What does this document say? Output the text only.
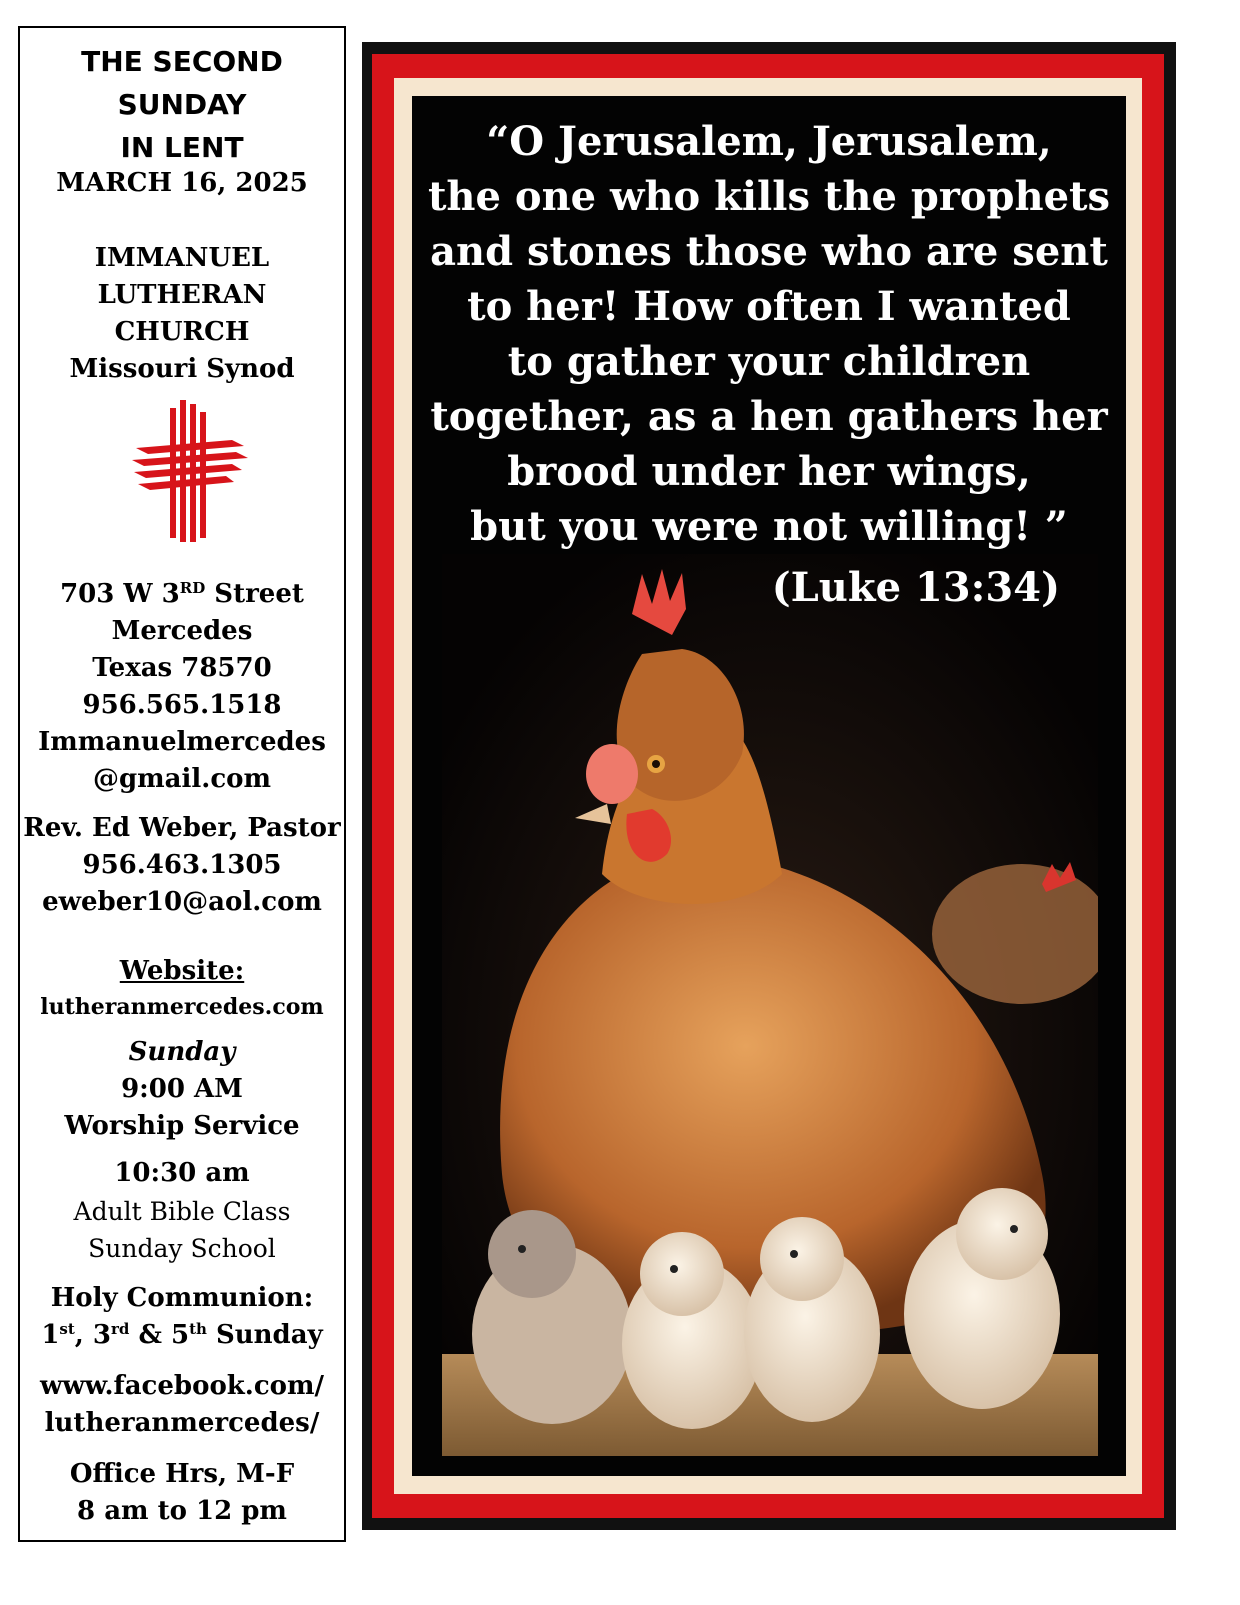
THE SECOND
SUNDAY
IN LENT
MARCH 16, 2025
IMMANUEL
LUTHERAN
CHURCH
Missouri Synod
703 W 3RD Street
Mercedes
Texas 78570
956.565.1518
Immanuelmercedes
@gmail.com
Rev. Ed Weber, Pastor
956.463.1305
eweber10@aol.com
Website:
lutheranmercedes.com
Sunday
9:00 AM
Worship Service
10:30 am
Adult Bible Class
Sunday School
Holy Communion:
1st, 3rd & 5th Sunday
www.facebook.com/
lutheranmercedes/
Office Hrs, M-F
8 am to 12 pm
“O Jerusalem, Jerusalem,
the one who kills the prophets
and stones those who are sent
to her! How often I wanted
to gather your children
together, as a hen gathers her
brood under her wings,
but you were not willing! ”
(Luke 13:34)
